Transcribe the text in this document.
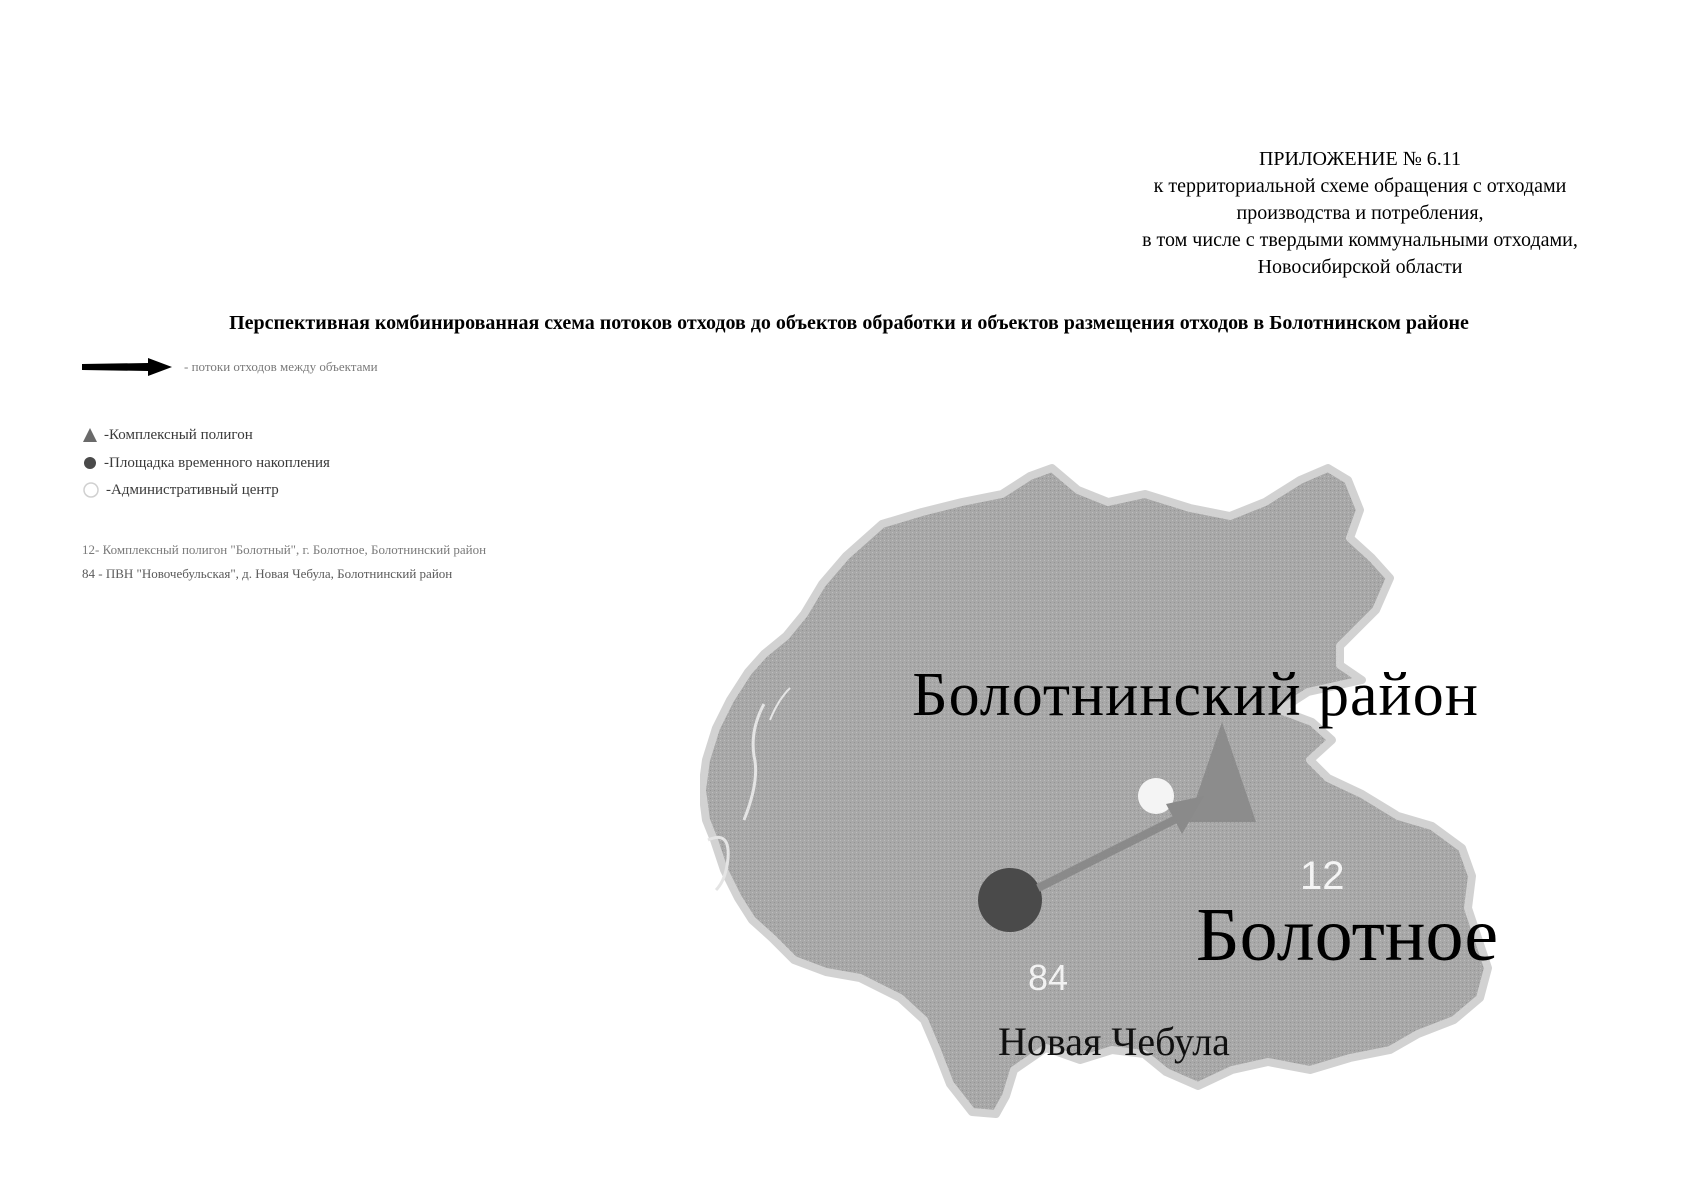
ПРИЛОЖЕНИЕ № 6.11
к территориальной схеме обращения с отходами
производства и потребления,
в том числе с твердыми коммунальными отходами,
Новосибирской области
Перспективная комбинированная схема потоков отходов до объектов обработки и объектов размещения отходов в Болотнинском районе
- потоки отходов между объектами
-Комплексный полигон
-Площадка временного накопления
-Административный центр
12- Комплексный полигон "Болотный", г. Болотное, Болотнинский район
84 - ПВН "Новочебульская", д. Новая Чебула, Болотнинский район
Болотнинский район
Болотное
Новая Чебула
84
12
